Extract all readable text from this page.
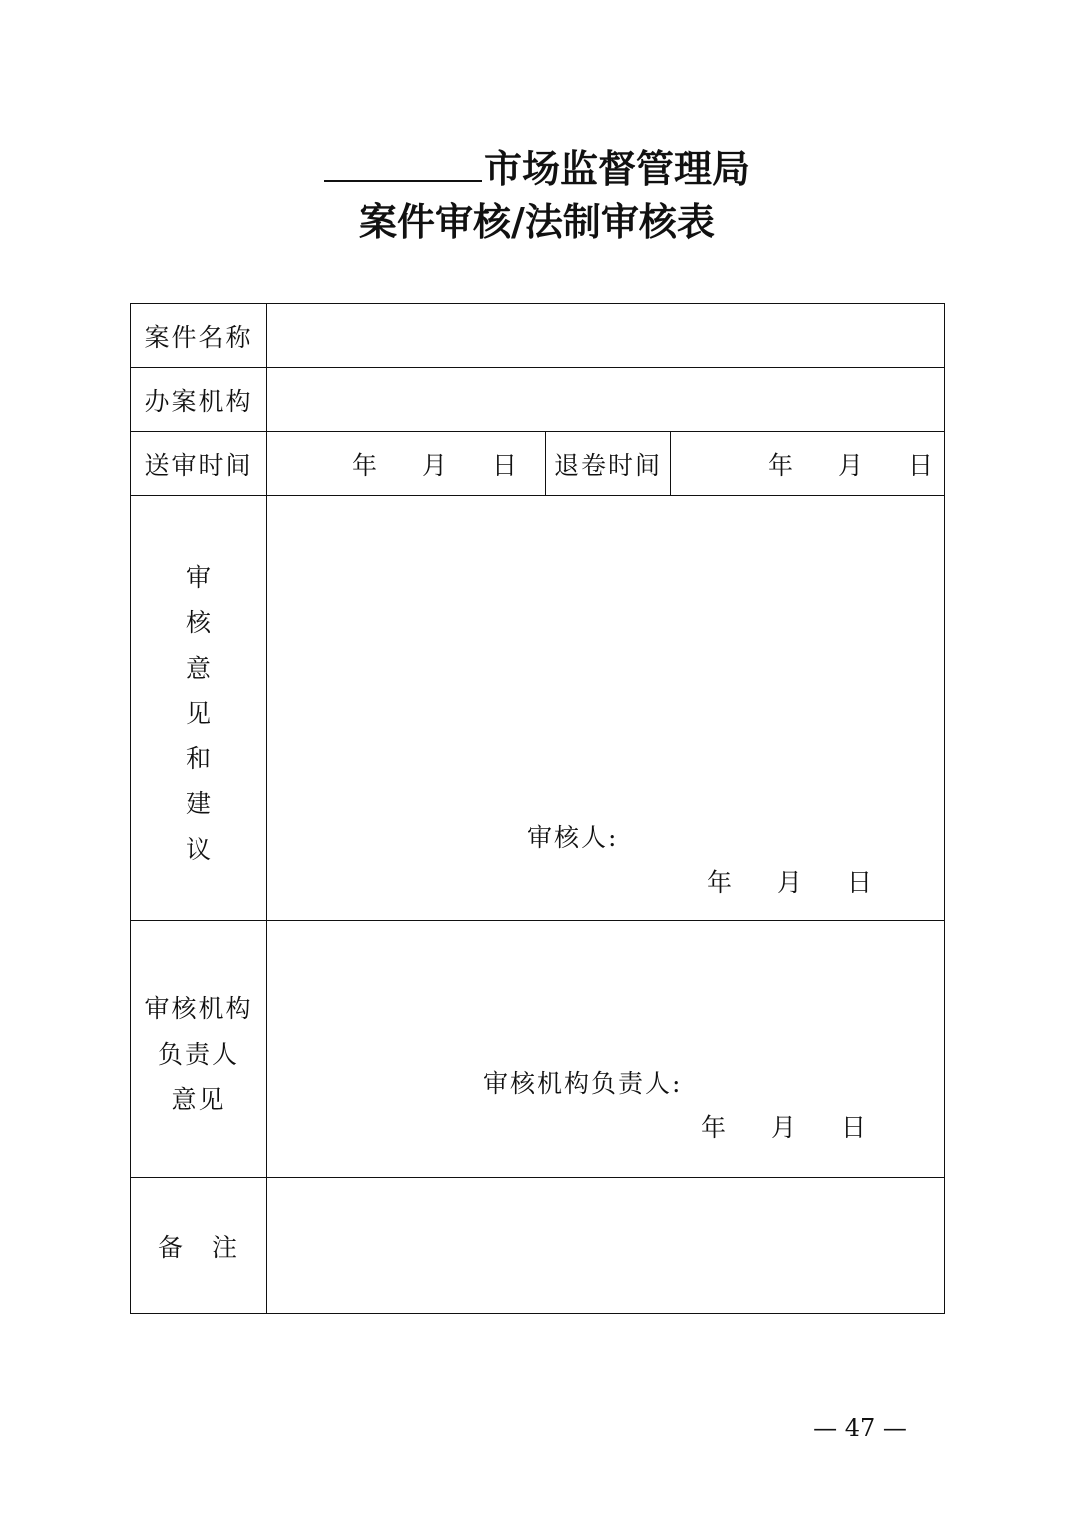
市场监督管理局
案件审核/法制审核表
案件名称
办案机构
送审时间	年 月 日 退卷时间	年 月 日
审
核
意
见
和
建
议	审核人:
年 月 日
审核机构
负责人
意见
审核机构负责人:
年 月 日
备　注
— 47 —
